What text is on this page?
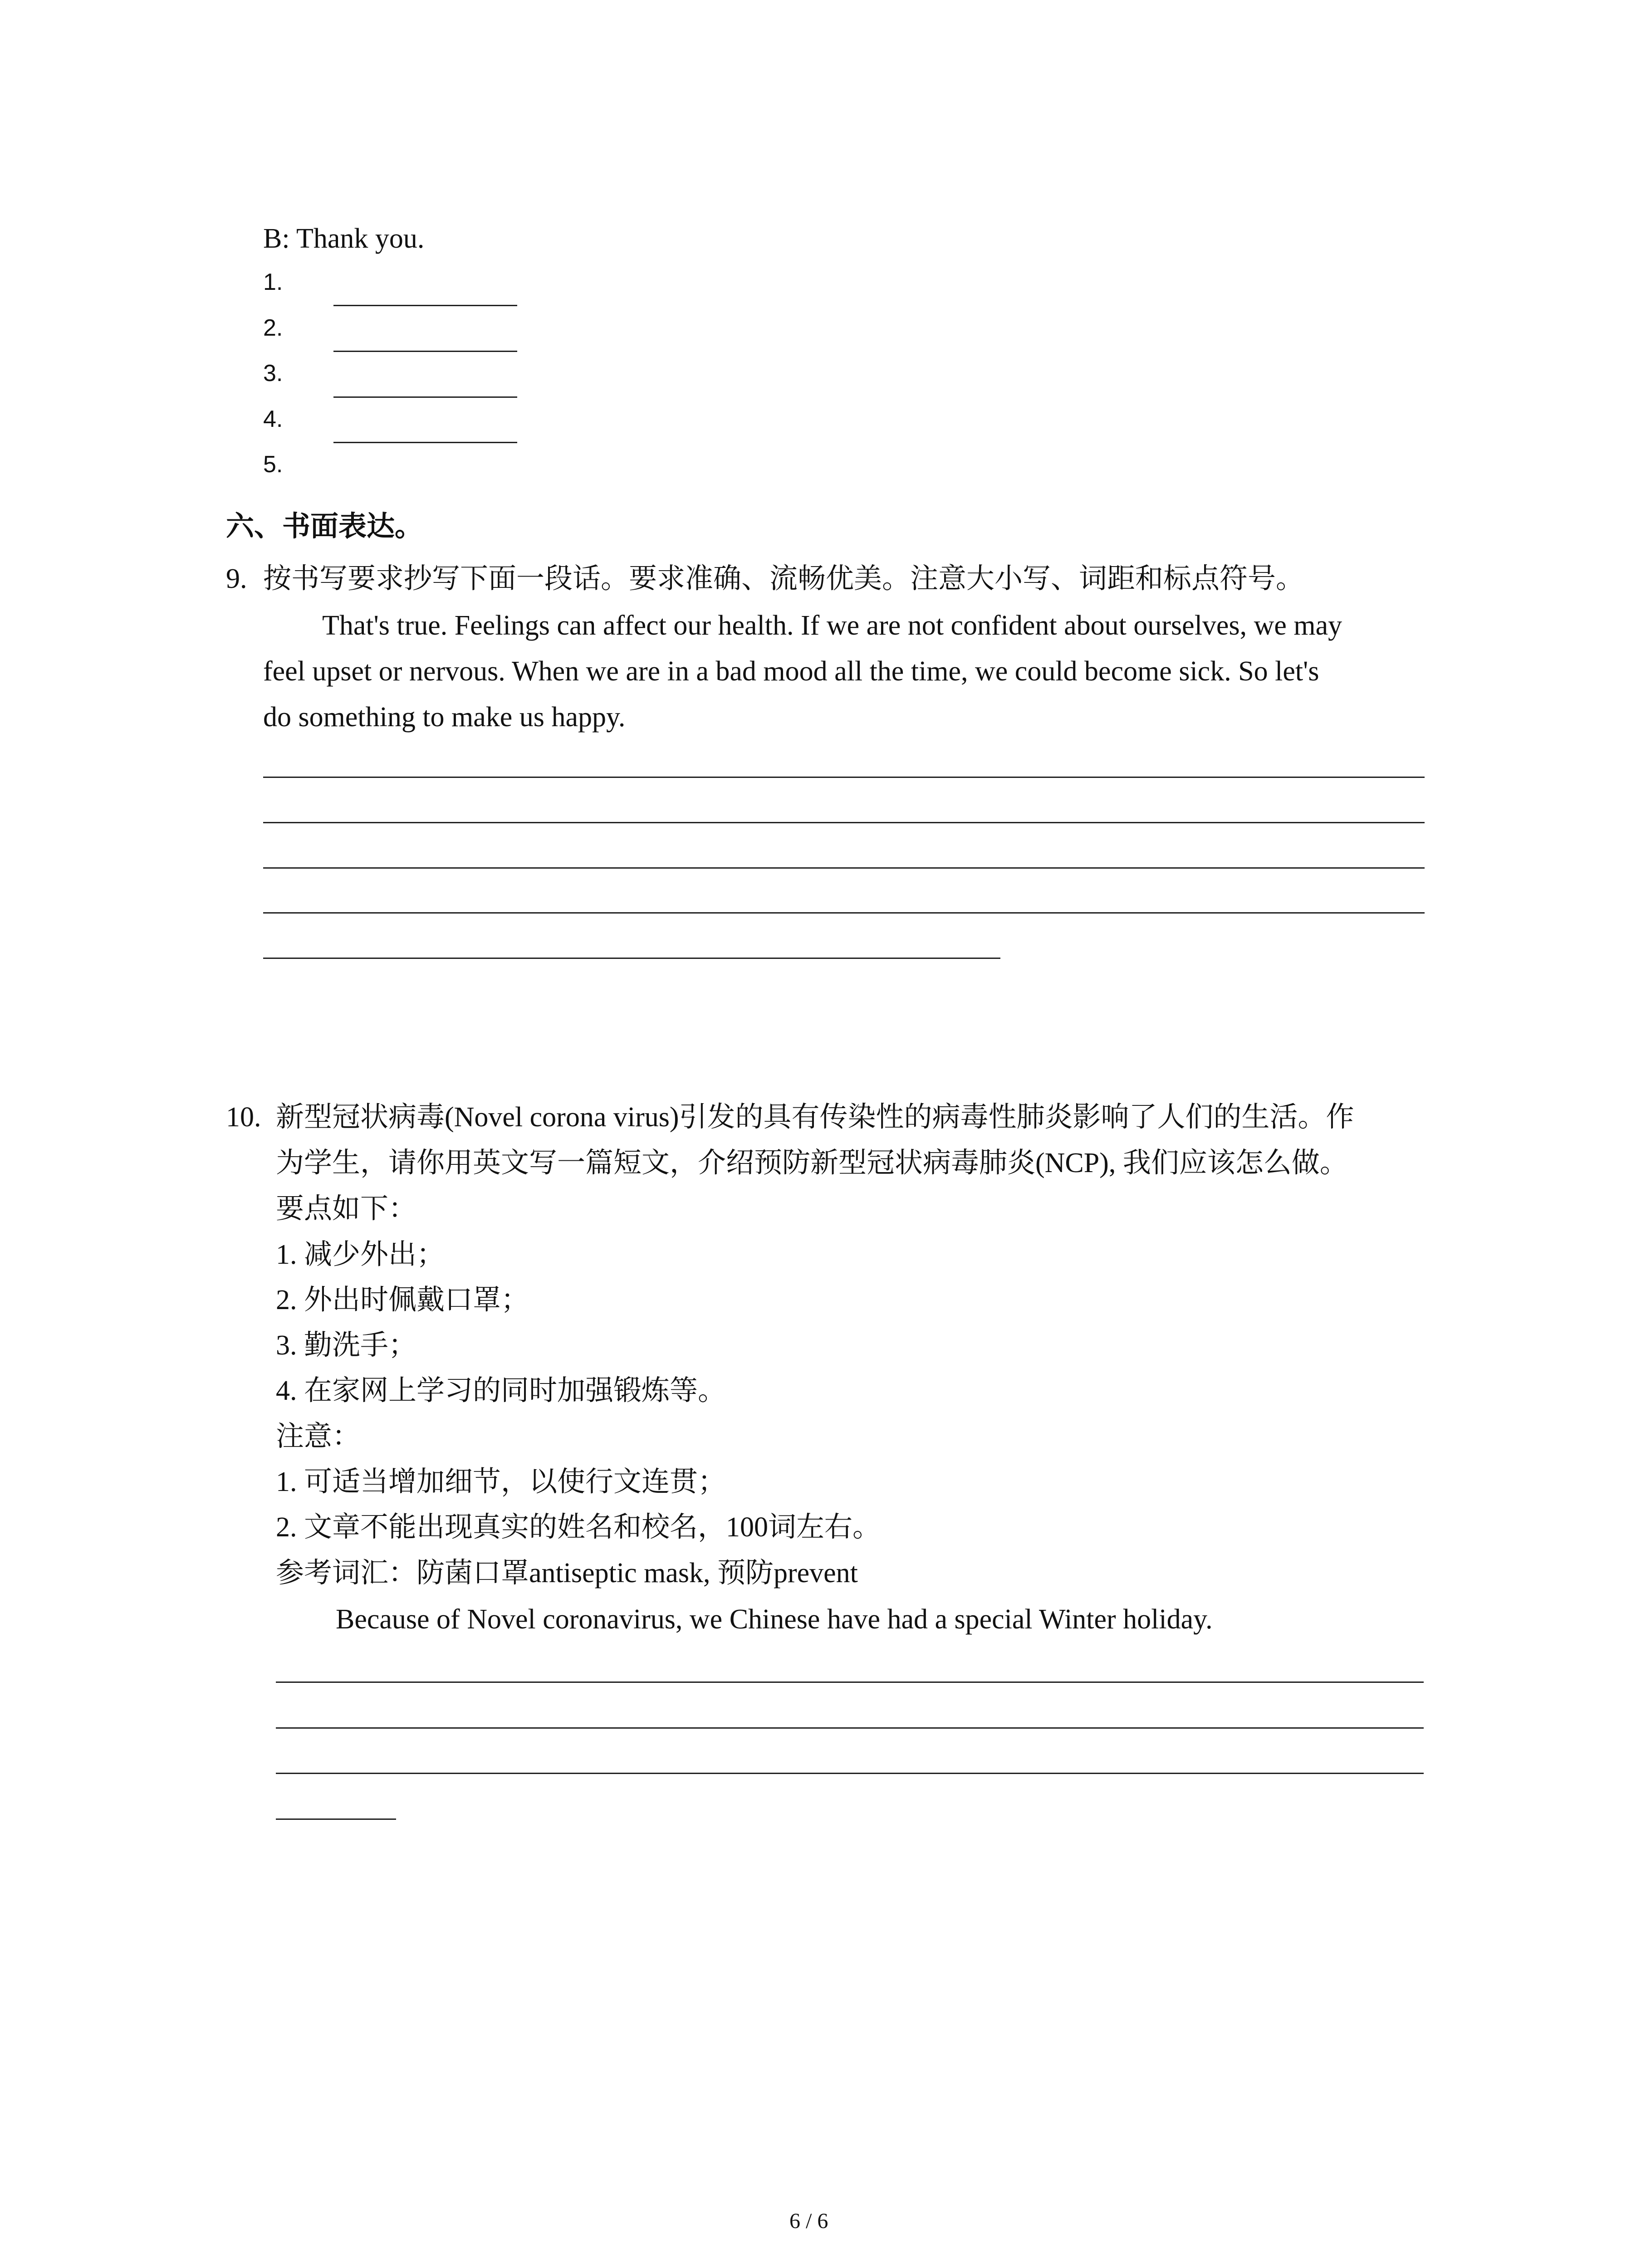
B: Thank you.
1.
2.
3.
4.
5.
六、书面表达。
9. 按书写要求抄写下面一段话。要求准确、流畅优美。注意大小写、词距和标点符号。
That's true. Feelings can affect our health. If we are not confident about ourselves, we may
feel upset or nervous. When we are in a bad mood all the time, we could become sick. So let's
do something to make us happy.
10. 新型冠状病毒(Novel corona virus)引发的具有传染性的病毒性肺炎影响了人们的生活。作
为学生，请你用英文写一篇短文，介绍预防新型冠状病毒肺炎(NCP), 我们应该怎么做。
要点如下：
1. 减少外出；
2. 外出时佩戴口罩；
3. 勤洗手；
4. 在家网上学习的同时加强锻炼等。
注意：
1. 可适当增加细节，以使行文连贯；
2. 文章不能出现真实的姓名和校名，100词左右。
参考词汇：防菌口罩antiseptic mask, 预防prevent
Because of Novel coronavirus, we Chinese have had a special Winter holiday.
6 / 6
